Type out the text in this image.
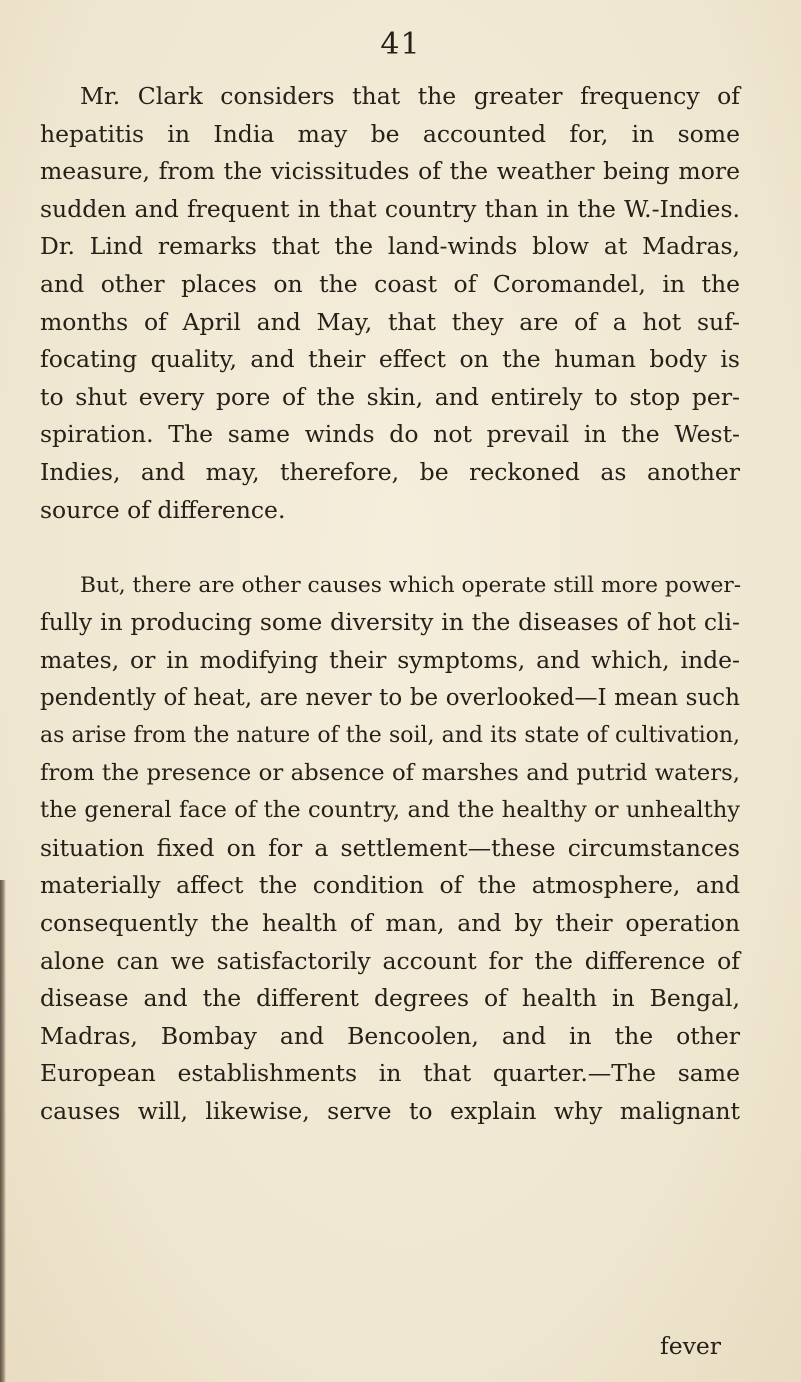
41

Mr. Clark considers that the greater frequency of
hepatitis in India may be accounted for, in some
measure, from the vicissitudes of the weather being more
sudden and frequent in that country than in the W.-Indies.
Dr. Lind remarks that the land-winds blow at Madras,
and other places on the coast of Coromandel, in the
months of April and May, that they are of a hot suf-
focating quality, and their effect on the human body is
to shut every pore of the skin, and entirely to stop per-
spiration. The same winds do not prevail in the West-
Indies, and may, therefore, be reckoned as another
source of difference.

But, there are other causes which operate still more power-
fully in producing some diversity in the diseases of hot cli-
mates, or in modifying their symptoms, and which, inde-
pendently of heat, are never to be overlooked—I mean such
as arise from the nature of the soil, and its state of cultivation,
from the presence or absence of marshes and putrid waters,
the general face of the country, and the healthy or unhealthy
situation fixed on for a settlement—these circumstances
materially affect the condition of the atmosphere, and
consequently the health of man, and by their operation
alone can we satisfactorily account for the difference of
disease and the different degrees of health in Bengal,
Madras, Bombay and Bencoolen, and in the other
European establishments in that quarter.—The same
causes will, likewise, serve to explain why malignant

fever
